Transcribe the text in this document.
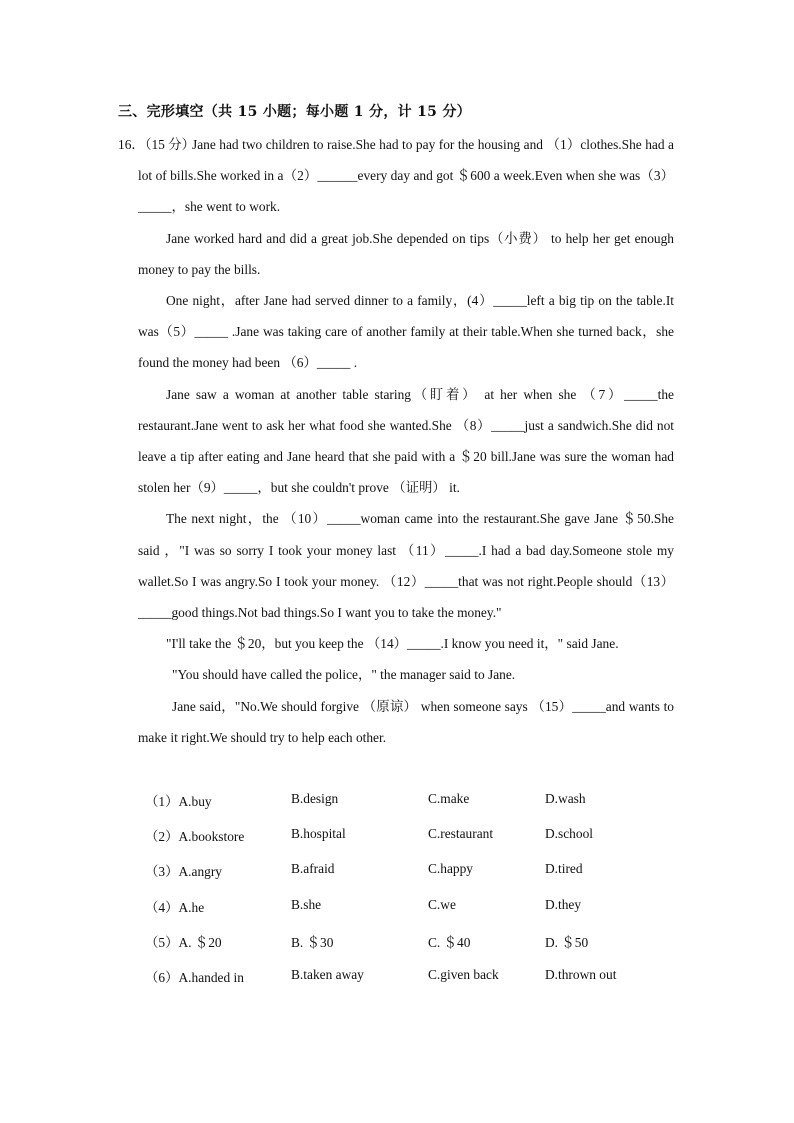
三、完形填空（共 15 小题；每小题 1 分，计 15 分）
16．（15 分）

Jane had two children to raise.She had to pay for the housing and （1）clothes.She had a lot of bills.She worked in a（2）______every day and got ＄600 a week.Even when she was（3）_____，she went to work.

Jane worked hard and did a great job.She depended on tips（小费） to help her get enough money to pay the bills.

One night，after Jane had served dinner to a family，(4）_____left a big tip on the table.It was（5）_____ .Jane was taking care of another family at their table.When she turned back，she found the money had been （6）_____ .

Jane saw a woman at another table staring（盯着） at her when she （7）_____the restaurant.Jane went to ask her what food she wanted.She （8）_____just a sandwich.She did not leave a tip after eating and Jane heard that she paid with a ＄20 bill.Jane was sure the woman had stolen her（9）_____，but she couldn't prove （证明） it.

The next night，the （10）_____woman came into the restaurant.She gave Jane ＄50.She said ，"I was so sorry I took your money last （11）_____.I had a bad day.Someone stole my wallet.So I was angry.So I took your money. （12）_____that was not right.People should（13）_____good things.Not bad things.So I want you to take the money."

"I'll take the ＄20，but you keep the （14）_____.I know you need it，" said Jane.

"You should have called the police，" the manager said to Jane.

Jane said，"No.We should forgive （原谅） when someone says （15）_____and wants to make it right.We should try to help each other.

（1）A.buy	B.design	C.make	D.wash
（2）A.bookstore	B.hospital	C.restaurant	D.school
（3）A.angry	B.afraid	C.happy	D.tired
（4）A.he	B.she	C.we	D.they
（5）A. ＄20	B. ＄30	C. ＄40	D. ＄50
（6）A.handed in	B.taken away	C.given back	D.thrown out
